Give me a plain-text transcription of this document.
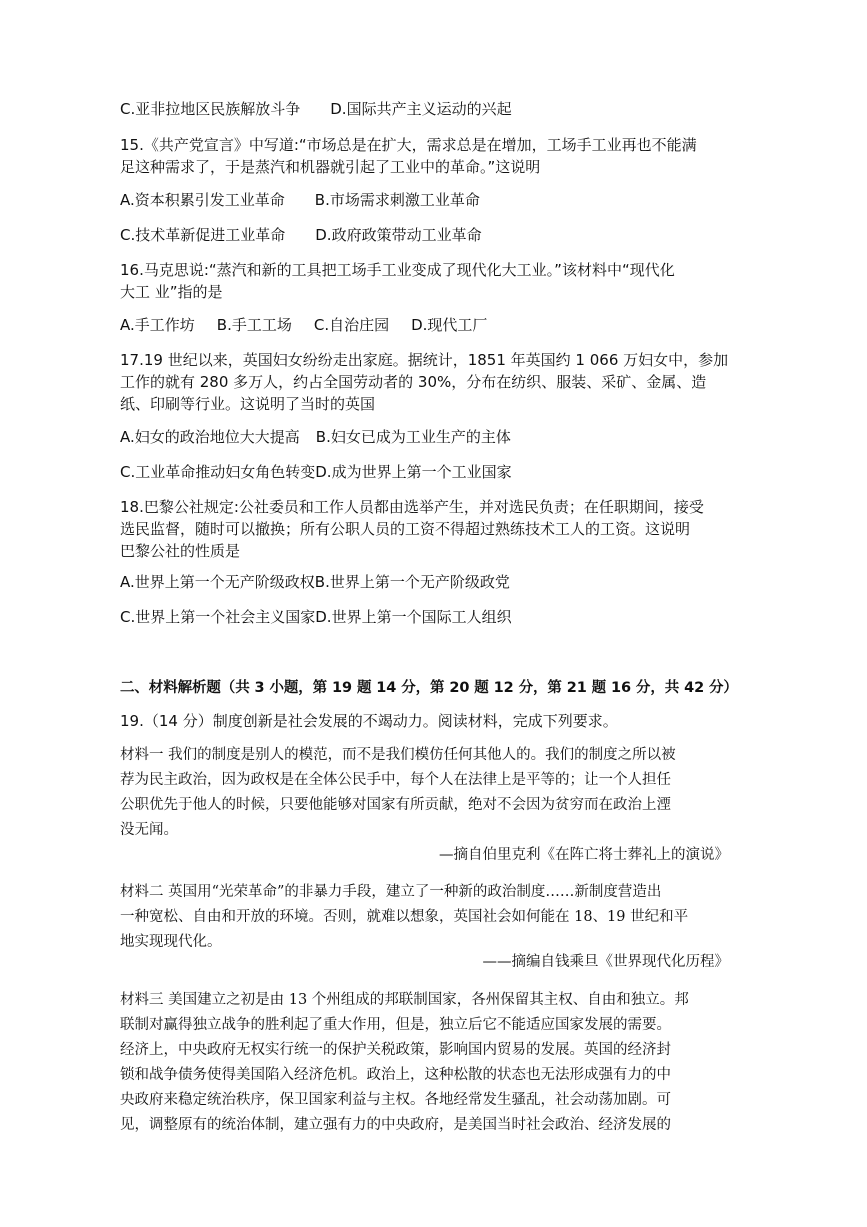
C.亚非拉地区民族解放斗争 D.国际共产主义运动的兴起
15.《共产党宣言》中写道:“市场总是在扩大，需求总是在增加，工场手工业再也不能满
足这种需求了，于是蒸汽和机器就引起了工业中的革命。”这说明
A.资本积累引发工业革命 B.市场需求刺激工业革命
C.技术革新促进工业革命 D.政府政策带动工业革命
16.马克思说:“蒸汽和新的工具把工场手工业变成了现代化大工业。”该材料中“现代化
大工 业”指的是
A.手工作坊 B.手工工场 C.自治庄园 D.现代工厂
17.19 世纪以来，英国妇女纷纷走出家庭。据统计，1851 年英国约 1 066 万妇女中，参加
工作的就有 280 多万人，约占全国劳动者的 30%，分布在纺织、服装、采矿、金属、造
纸、印刷等行业。这说明了当时的英国
A.妇女的政治地位大大提高 B.妇女已成为工业生产的主体
C.工业革命推动妇女角色转变D.成为世界上第一个工业国家
18.巴黎公社规定:公社委员和工作人员都由选举产生，并对选民负责；在任职期间，接受
选民监督，随时可以撤换；所有公职人员的工资不得超过熟练技术工人的工资。这说明
巴黎公社的性质是
A.世界上第一个无产阶级政权B.世界上第一个无产阶级政党
C.世界上第一个社会主义国家D.世界上第一个国际工人组织
二、材料解析题（共 3 小题，第 19 题 14 分，第 20 题 12 分，第 21 题 16 分，共 42 分）
19.（14 分）制度创新是社会发展的不竭动力。阅读材料，完成下列要求。
材料一 我们的制度是别人的模范，而不是我们模仿任何其他人的。我们的制度之所以被
荐为民主政治，因为政权是在全体公民手中，每个人在法律上是平等的；让一个人担任
公职优先于他人的时候，只要他能够对国家有所贡献，绝对不会因为贫穷而在政治上湮
没无闻。
—摘自伯里克利《在阵亡将士葬礼上的演说》
材料二 英国用“光荣革命”的非暴力手段，建立了一种新的政治制度……新制度营造出
一种宽松、自由和开放的环境。否则，就难以想象，英国社会如何能在 18、19 世纪和平
地实现现代化。
——摘编自钱乘旦《世界现代化历程》
材料三 美国建立之初是由 13 个州组成的邦联制国家，各州保留其主权、自由和独立。邦
联制对赢得独立战争的胜利起了重大作用，但是，独立后它不能适应国家发展的需要。
经济上，中央政府无权实行统一的保护关税政策，影响国内贸易的发展。英国的经济封
锁和战争债务使得美国陷入经济危机。政治上，这种松散的状态也无法形成强有力的中
央政府来稳定统治秩序，保卫国家利益与主权。各地经常发生骚乱，社会动荡加剧。可
见，调整原有的统治体制，建立强有力的中央政府，是美国当时社会政治、经济发展的
